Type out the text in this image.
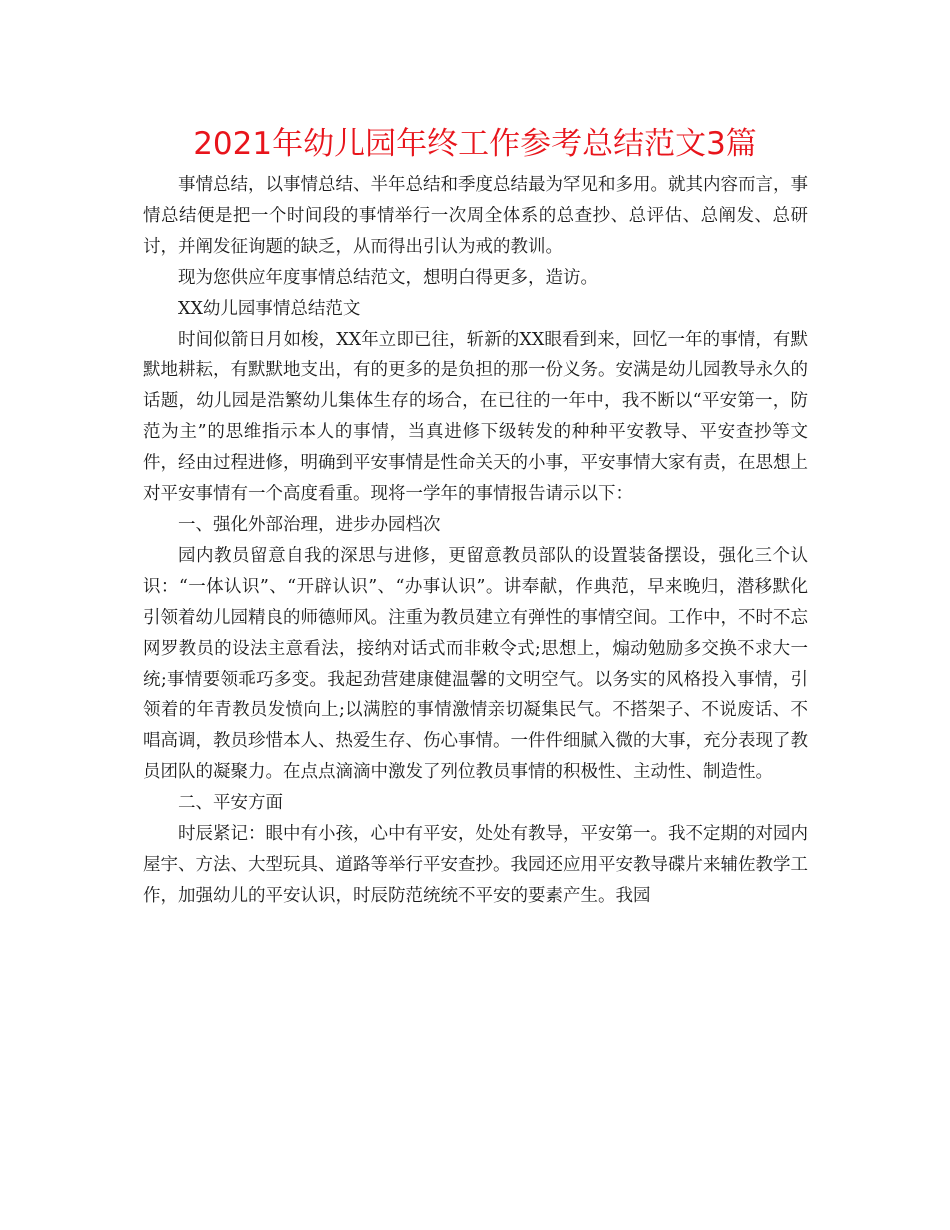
2021年幼儿园年终工作参考总结范文3篇

事情总结，以事情总结、半年总结和季度总结最为罕见和多用。就其内容而言，事情总结便是把一个时间段的事情举行一次周全体系的总查抄、总评估、总阐发、总研讨，并阐发征询题的缺乏，从而得出引认为戒的教训。

现为您供应年度事情总结范文，想明白得更多，造访。

XX幼儿园事情总结范文

时间似箭日月如梭，XX年立即已往，斩新的XX眼看到来，回忆一年的事情，有默默地耕耘，有默默地支出，有的更多的是负担的那一份义务。安满是幼儿园教导永久的话题，幼儿园是浩繁幼儿集体生存的场合，在已往的一年中，我不断以“平安第一，防范为主”的思维指示本人的事情，当真进修下级转发的种种平安教导、平安查抄等文件，经由过程进修，明确到平安事情是性命关天的小事，平安事情大家有责，在思想上对平安事情有一个高度看重。现将一学年的事情报告请示以下：

一、强化外部治理，进步办园档次

园内教员留意自我的深思与进修，更留意教员部队的设置装备摆设，强化三个认识：“一体认识”、“开辟认识”、“办事认识”。讲奉献，作典范，早来晚归，潜移默化引领着幼儿园精良的师德师风。注重为教员建立有弹性的事情空间。工作中，不时不忘网罗教员的设法主意看法，接纳对话式而非敕令式;思想上，煽动勉励多交换不求大一统;事情要领乖巧多变。我起劲营建康健温馨的文明空气。以务实的风格投入事情，引领着的年青教员发愤向上;以满腔的事情激情亲切凝集民气。不搭架子、不说废话、不唱高调，教员珍惜本人、热爱生存、伤心事情。一件件细腻入微的大事，充分表现了教员团队的凝聚力。在点点滴滴中激发了列位教员事情的积极性、主动性、制造性。

二、平安方面

时辰紧记：眼中有小孩，心中有平安，处处有教导，平安第一。我不定期的对园内屋宇、方法、大型玩具、道路等举行平安查抄。我园还应用平安教导碟片来辅佐教学工作，加强幼儿的平安认识，时辰防范统统不平安的要素产生。我园
